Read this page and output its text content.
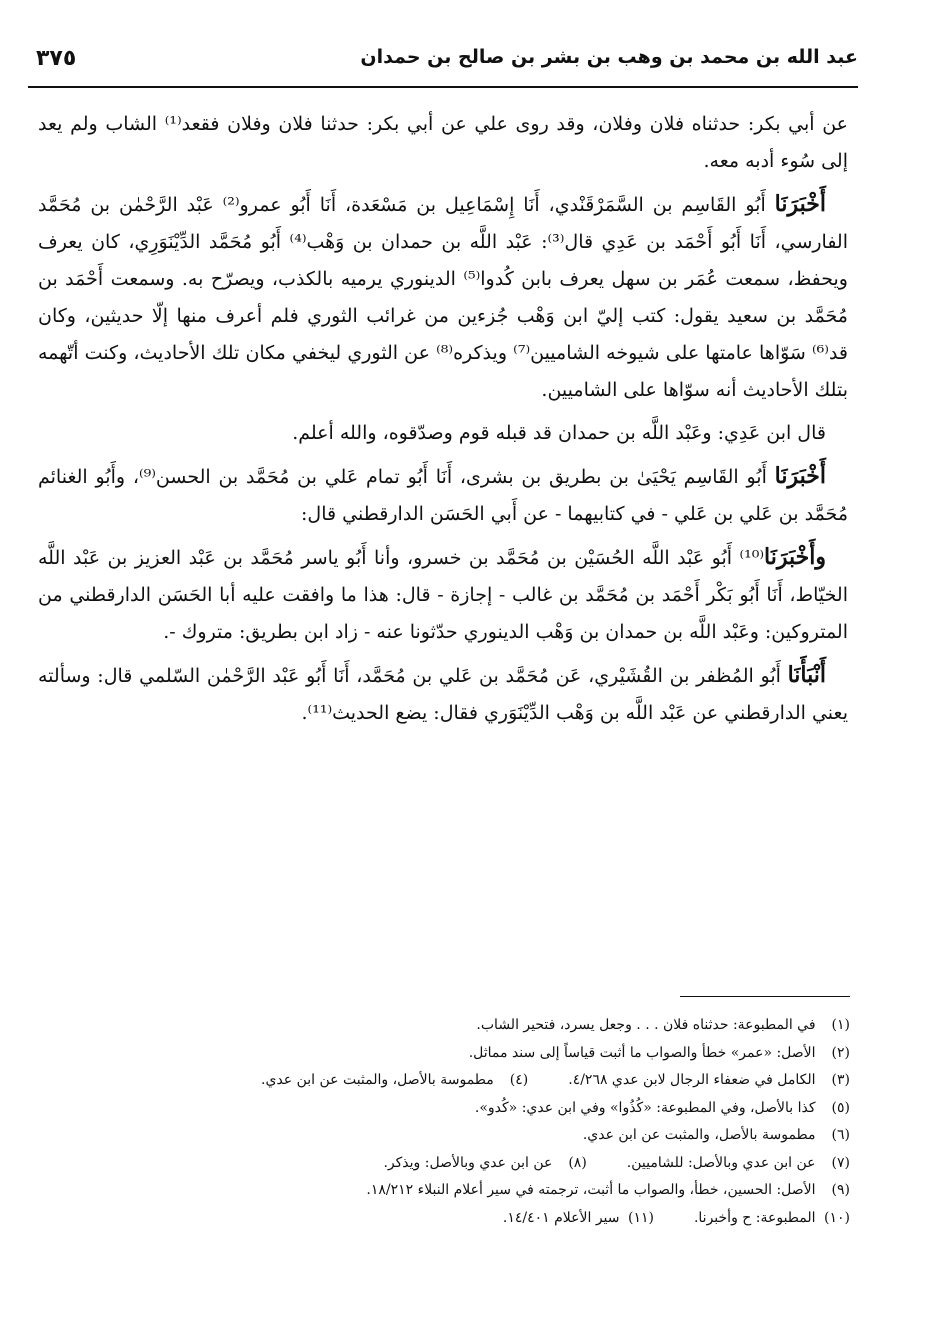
عبد الله بن محمد بن وهب بن بشر بن صالح بن حمدان
٣٧٥

عن أبي بكر: حدثناه فلان وفلان، وقد روى علي عن أبي بكر: حدثنا فلان وفلان فقعد⁽¹⁾ الشاب ولم يعد إلى سُوء أدبه معه.

أَخْبَرَنَا أَبُو القَاسِم بن السَّمَرْقَنْدي، أَنَا إِسْمَاعِيل بن مَسْعَدة، أَنَا أَبُو عمرو⁽²⁾ عَبْد الرَّحْمٰن بن مُحَمَّد الفارسي، أَنَا أَبُو أَحْمَد بن عَدِي قال⁽³⁾: عَبْد اللَّه بن حمدان بن وَهْب⁽⁴⁾ أَبُو مُحَمَّد الدِّيْنَوَرِي، كان يعرف ويحفظ، سمعت عُمَر بن سهل يعرف بابن كُدوا⁽⁵⁾ الدينوري يرميه بالكذب، ويصرّح به. وسمعت أَحْمَد بن مُحَمَّد بن سعيد يقول: كتب إليّ ابن وَهْب جُزءين من غرائب الثوري فلم أعرف منها إلّا حديثين، وكان قد⁽⁶⁾ سَوّاها عامتها على شيوخه الشاميين⁽⁷⁾ ويذكره⁽⁸⁾ عن الثوري ليخفي مكان تلك الأحاديث، وكنت أتّهمه بتلك الأحاديث أنه سوّاها على الشاميين.

قال ابن عَدِي: وعَبْد اللَّه بن حمدان قد قبله قوم وصدّقوه، والله أعلم.

أَخْبَرَنَا أَبُو القَاسِم يَحْيَىٰ بن بطريق بن بشرى، أَنَا أَبُو تمام عَلي بن مُحَمَّد بن الحسن⁽⁹⁾، وأَبُو الغنائم مُحَمَّد بن عَلي بن عَلي - في كتابيهما - عن أَبي الحَسَن الدارقطني قال:

وأَخْبَرَنَا⁽¹⁰⁾ أَبُو عَبْد اللَّه الحُسَيْن بن مُحَمَّد بن خسرو، وأنا أَبُو ياسر مُحَمَّد بن عَبْد العزيز بن عَبْد اللَّه الخيّاط، أَنَا أَبُو بَكْر أَحْمَد بن مُحَمَّد بن غالب - إجازة - قال: هذا ما وافقت عليه أبا الحَسَن الدارقطني من المتروكين: وعَبْد اللَّه بن حمدان بن وَهْب الدينوري حدّثونا عنه - زاد ابن بطريق: متروك -.

أَنْبَأَنَا أَبُو المُظفر بن القُشَيْري، عَن مُحَمَّد بن عَلي بن مُحَمَّد، أَنَا أَبُو عَبْد الرَّحْمٰن السّلمي قال: وسألته يعني الدارقطني عن عَبْد اللَّه بن وَهْب الدِّيْنَوَري فقال: يضع الحديث⁽¹¹⁾.

(١) في المطبوعة: حدثناه فلان . . . وجعل يسرد، فتحير الشاب.
(٢) الأصل: «عمر» خطأ والصواب ما أثبت قياساً إلى سند مماثل.
(٣) الكامل في ضعفاء الرجال لابن عدي ٤/٢٦٨.
(٤) مطموسة بالأصل، والمثبت عن ابن عدي.
(٥) كذا بالأصل، وفي المطبوعة: «كُذُوا» وفي ابن عدي: «كُدو».
(٦) مطموسة بالأصل، والمثبت عن ابن عدي.
(٧) عن ابن عدي وبالأصل: للشاميين.
(٨) عن ابن عدي وبالأصل: ويذكر.
(٩) الأصل: الحسين، خطأ، والصواب ما أثبت، ترجمته في سير أعلام النبلاء ١٨/٢١٢.
(١٠) المطبوعة: ح وأخبرنا.
(١١) سير الأعلام ١٤/٤٠١.
